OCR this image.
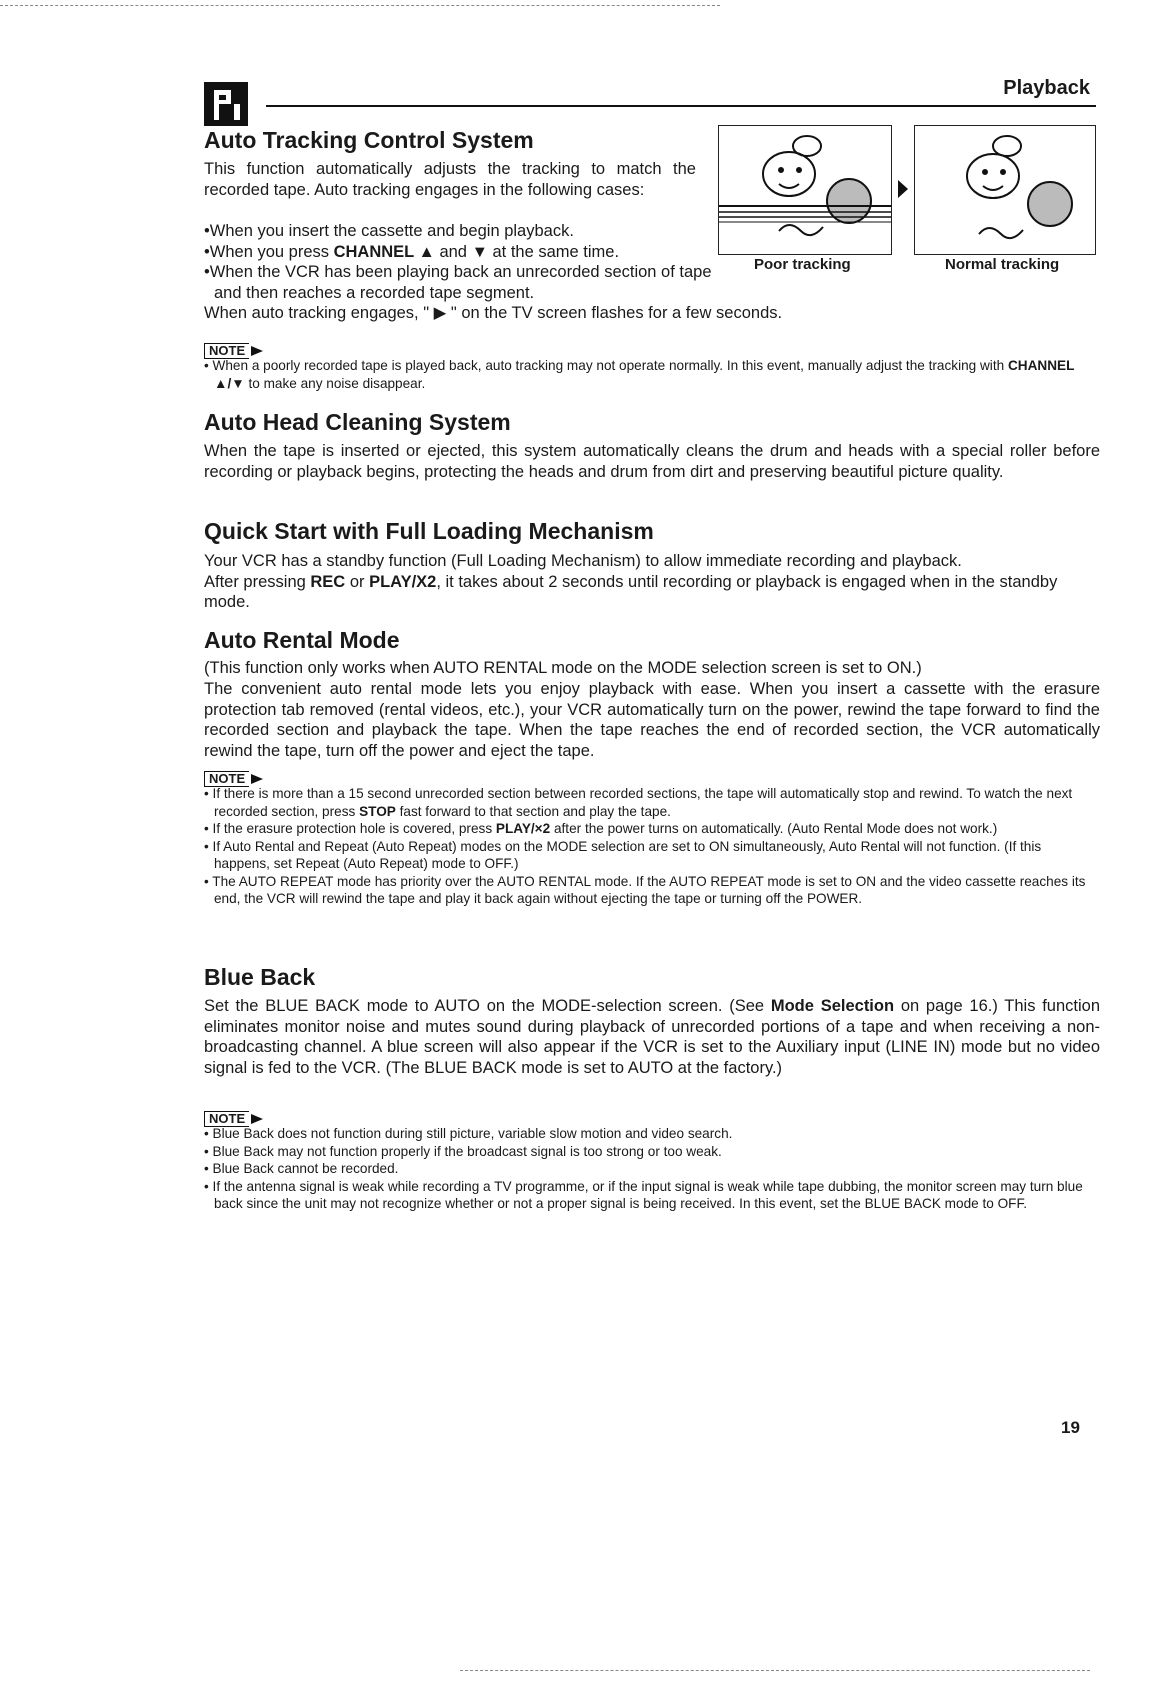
Playback
Auto Tracking Control System

This function automatically adjusts the tracking to match the recorded tape. Auto tracking engages in the following cases:

•When you insert the cassette and begin playback.
•When you press CHANNEL ▲ and ▼ at the same time.

•When the VCR has been playing back an unrecorded section of tape and then reaches a recorded tape segment.

When auto tracking engages, " ▶ " on the TV screen flashes for a few seconds.

Poor tracking	Normal tracking
NOTE
• When a poorly recorded tape is played back, auto tracking may not operate normally. In this event, manually adjust the tracking with CHANNEL ▲/▼ to make any noise disappear.
Auto Head Cleaning System

When the tape is inserted or ejected, this system automatically cleans the drum and heads with a special roller before recording or playback begins, protecting the heads and drum from dirt and preserving beautiful picture quality.

Quick Start with Full Loading Mechanism

Your VCR has a standby function (Full Loading Mechanism) to allow immediate recording and playback.
After pressing REC or PLAY/X2, it takes about 2 seconds until recording or playback is engaged when in the standby mode.

Auto Rental Mode

(This function only works when AUTO RENTAL mode on the MODE selection screen is set to ON.)

The convenient auto rental mode lets you enjoy playback with ease. When you insert a cassette with the erasure protection tab removed (rental videos, etc.), your VCR automatically turn on the power, rewind the tape forward to find the recorded section and playback the tape. When the tape reaches the end of recorded section, the VCR automatically rewind the tape, turn off the power and eject the tape.

NOTE
• If there is more than a 15 second unrecorded section between recorded sections, the tape will automatically stop and rewind. To watch the next recorded section, press STOP fast forward to that section and play the tape.
• If the erasure protection hole is covered, press PLAY/×2 after the power turns on automatically. (Auto Rental Mode does not work.)
• If Auto Rental and Repeat (Auto Repeat) modes on the MODE selection are set to ON simultaneously, Auto Rental will not function. (If this happens, set Repeat (Auto Repeat) mode to OFF.)
• The AUTO REPEAT mode has priority over the AUTO RENTAL mode. If the AUTO REPEAT mode is set to ON and the video cassette reaches its end, the VCR will rewind the tape and play it back again without ejecting the tape or turning off the POWER.
Blue Back

Set the BLUE BACK mode to AUTO on the MODE-selection screen. (See Mode Selection on page 16.) This function eliminates monitor noise and mutes sound during playback of unrecorded portions of a tape and when receiving a non-broadcasting channel. A blue screen will also appear if the VCR is set to the Auxiliary input (LINE IN) mode but no video signal is fed to the VCR. (The BLUE BACK mode is set to AUTO at the factory.)

NOTE
• Blue Back does not function during still picture, variable slow motion and video search.
• Blue Back may not function properly if the broadcast signal is too strong or too weak.
• Blue Back cannot be recorded.
• If the antenna signal is weak while recording a TV programme, or if the input signal is weak while tape dubbing, the monitor screen may turn blue back since the unit may not recognize whether or not a proper signal is being received. In this event, set the BLUE BACK mode to OFF.
19
